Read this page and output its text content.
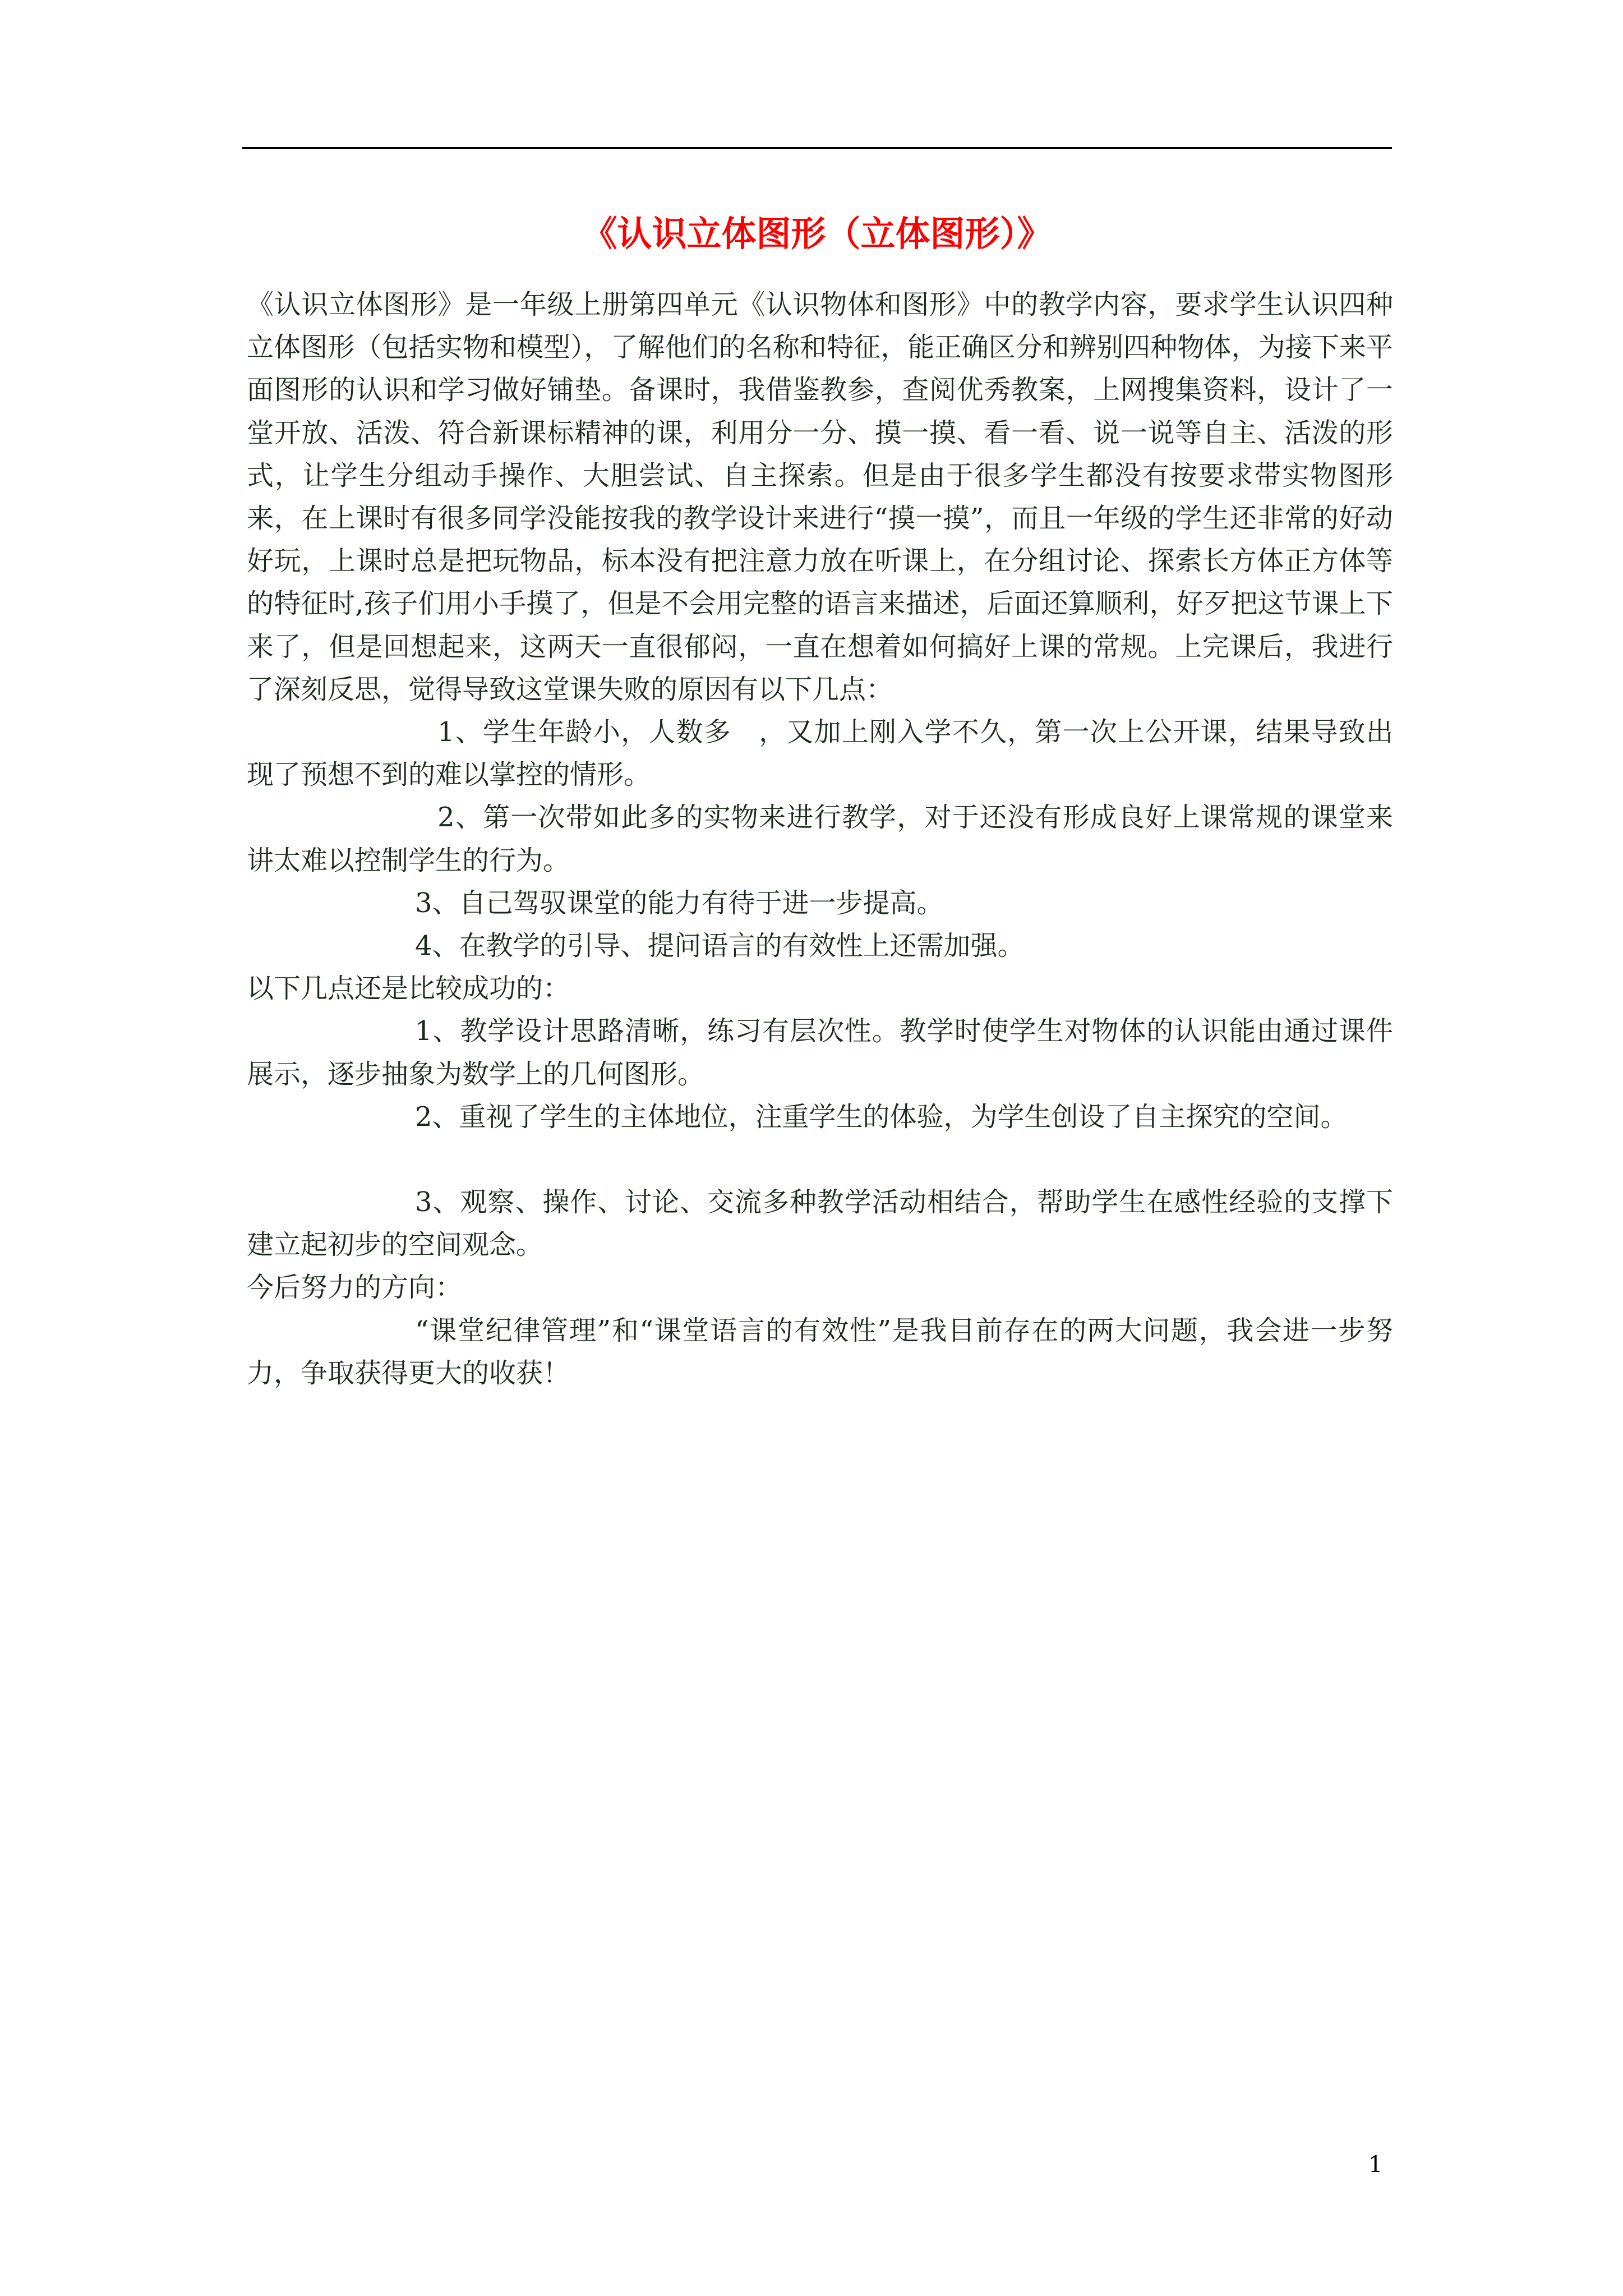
《认识立体图形（立体图形）》

《认识立体图形》是一年级上册第四单元《认识物体和图形》中的教学内容，要求学生认识四种立体图形（包括实物和模型），了解他们的名称和特征，能正确区分和辨别四种物体，为接下来平面图形的认识和学习做好铺垫。备课时，我借鉴教参，查阅优秀教案，上网搜集资料，设计了一堂开放、活泼、符合新课标精神的课，利用分一分、摸一摸、看一看、说一说等自主、活泼的形式，让学生分组动手操作、大胆尝试、自主探索。但是由于很多学生都没有按要求带实物图形来，在上课时有很多同学没能按我的教学设计来进行“摸一摸”，而且一年级的学生还非常的好动好玩，上课时总是把玩物品，标本没有把注意力放在听课上，在分组讨论、探索长方体正方体等的特征时,孩子们用小手摸了，但是不会用完整的语言来描述，后面还算顺利，好歹把这节课上下来了，但是回想起来，这两天一直很郁闷，一直在想着如何搞好上课的常规。上完课后，我进行了深刻反思，觉得导致这堂课失败的原因有以下几点：

1、学生年龄小，人数多　，又加上刚入学不久，第一次上公开课，结果导致出现了预想不到的难以掌控的情形。

2、第一次带如此多的实物来进行教学，对于还没有形成良好上课常规的课堂来讲太难以控制学生的行为。

3、自己驾驭课堂的能力有待于进一步提高。

4、在教学的引导、提问语言的有效性上还需加强。

以下几点还是比较成功的：

1、教学设计思路清晰，练习有层次性。教学时使学生对物体的认识能由通过课件展示，逐步抽象为数学上的几何图形。

2、重视了学生的主体地位，注重学生的体验，为学生创设了自主探究的空间。

3、观察、操作、讨论、交流多种教学活动相结合，帮助学生在感性经验的支撑下建立起初步的空间观念。

今后努力的方向：

“课堂纪律管理”和“课堂语言的有效性”是我目前存在的两大问题，我会进一步努力，争取获得更大的收获！

1
